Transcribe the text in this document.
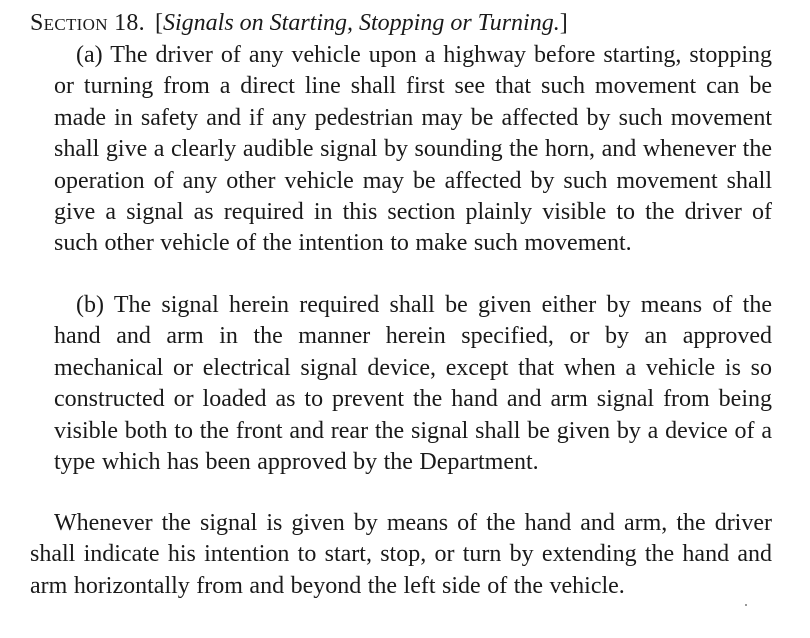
Section 18. [Signals on Starting, Stopping or Turning.]
(a) The driver of any vehicle upon a highway before starting, stopping or turning from a direct line shall first see that such movement can be made in safety and if any pedestrian may be affected by such movement shall give a clearly audible signal by sounding the horn, and whenever the operation of any other vehicle may be affected by such movement shall give a signal as required in this section plainly visible to the driver of such other vehicle of the intention to make such movement.
(b) The signal herein required shall be given either by means of the hand and arm in the manner herein specified, or by an approved mechanical or electrical signal device, except that when a vehicle is so constructed or loaded as to prevent the hand and arm signal from being visible both to the front and rear the signal shall be given by a device of a type which has been approved by the Department.
Whenever the signal is given by means of the hand and arm, the driver shall indicate his intention to start, stop, or turn by extending the hand and arm horizontally from and beyond the left side of the vehicle.
